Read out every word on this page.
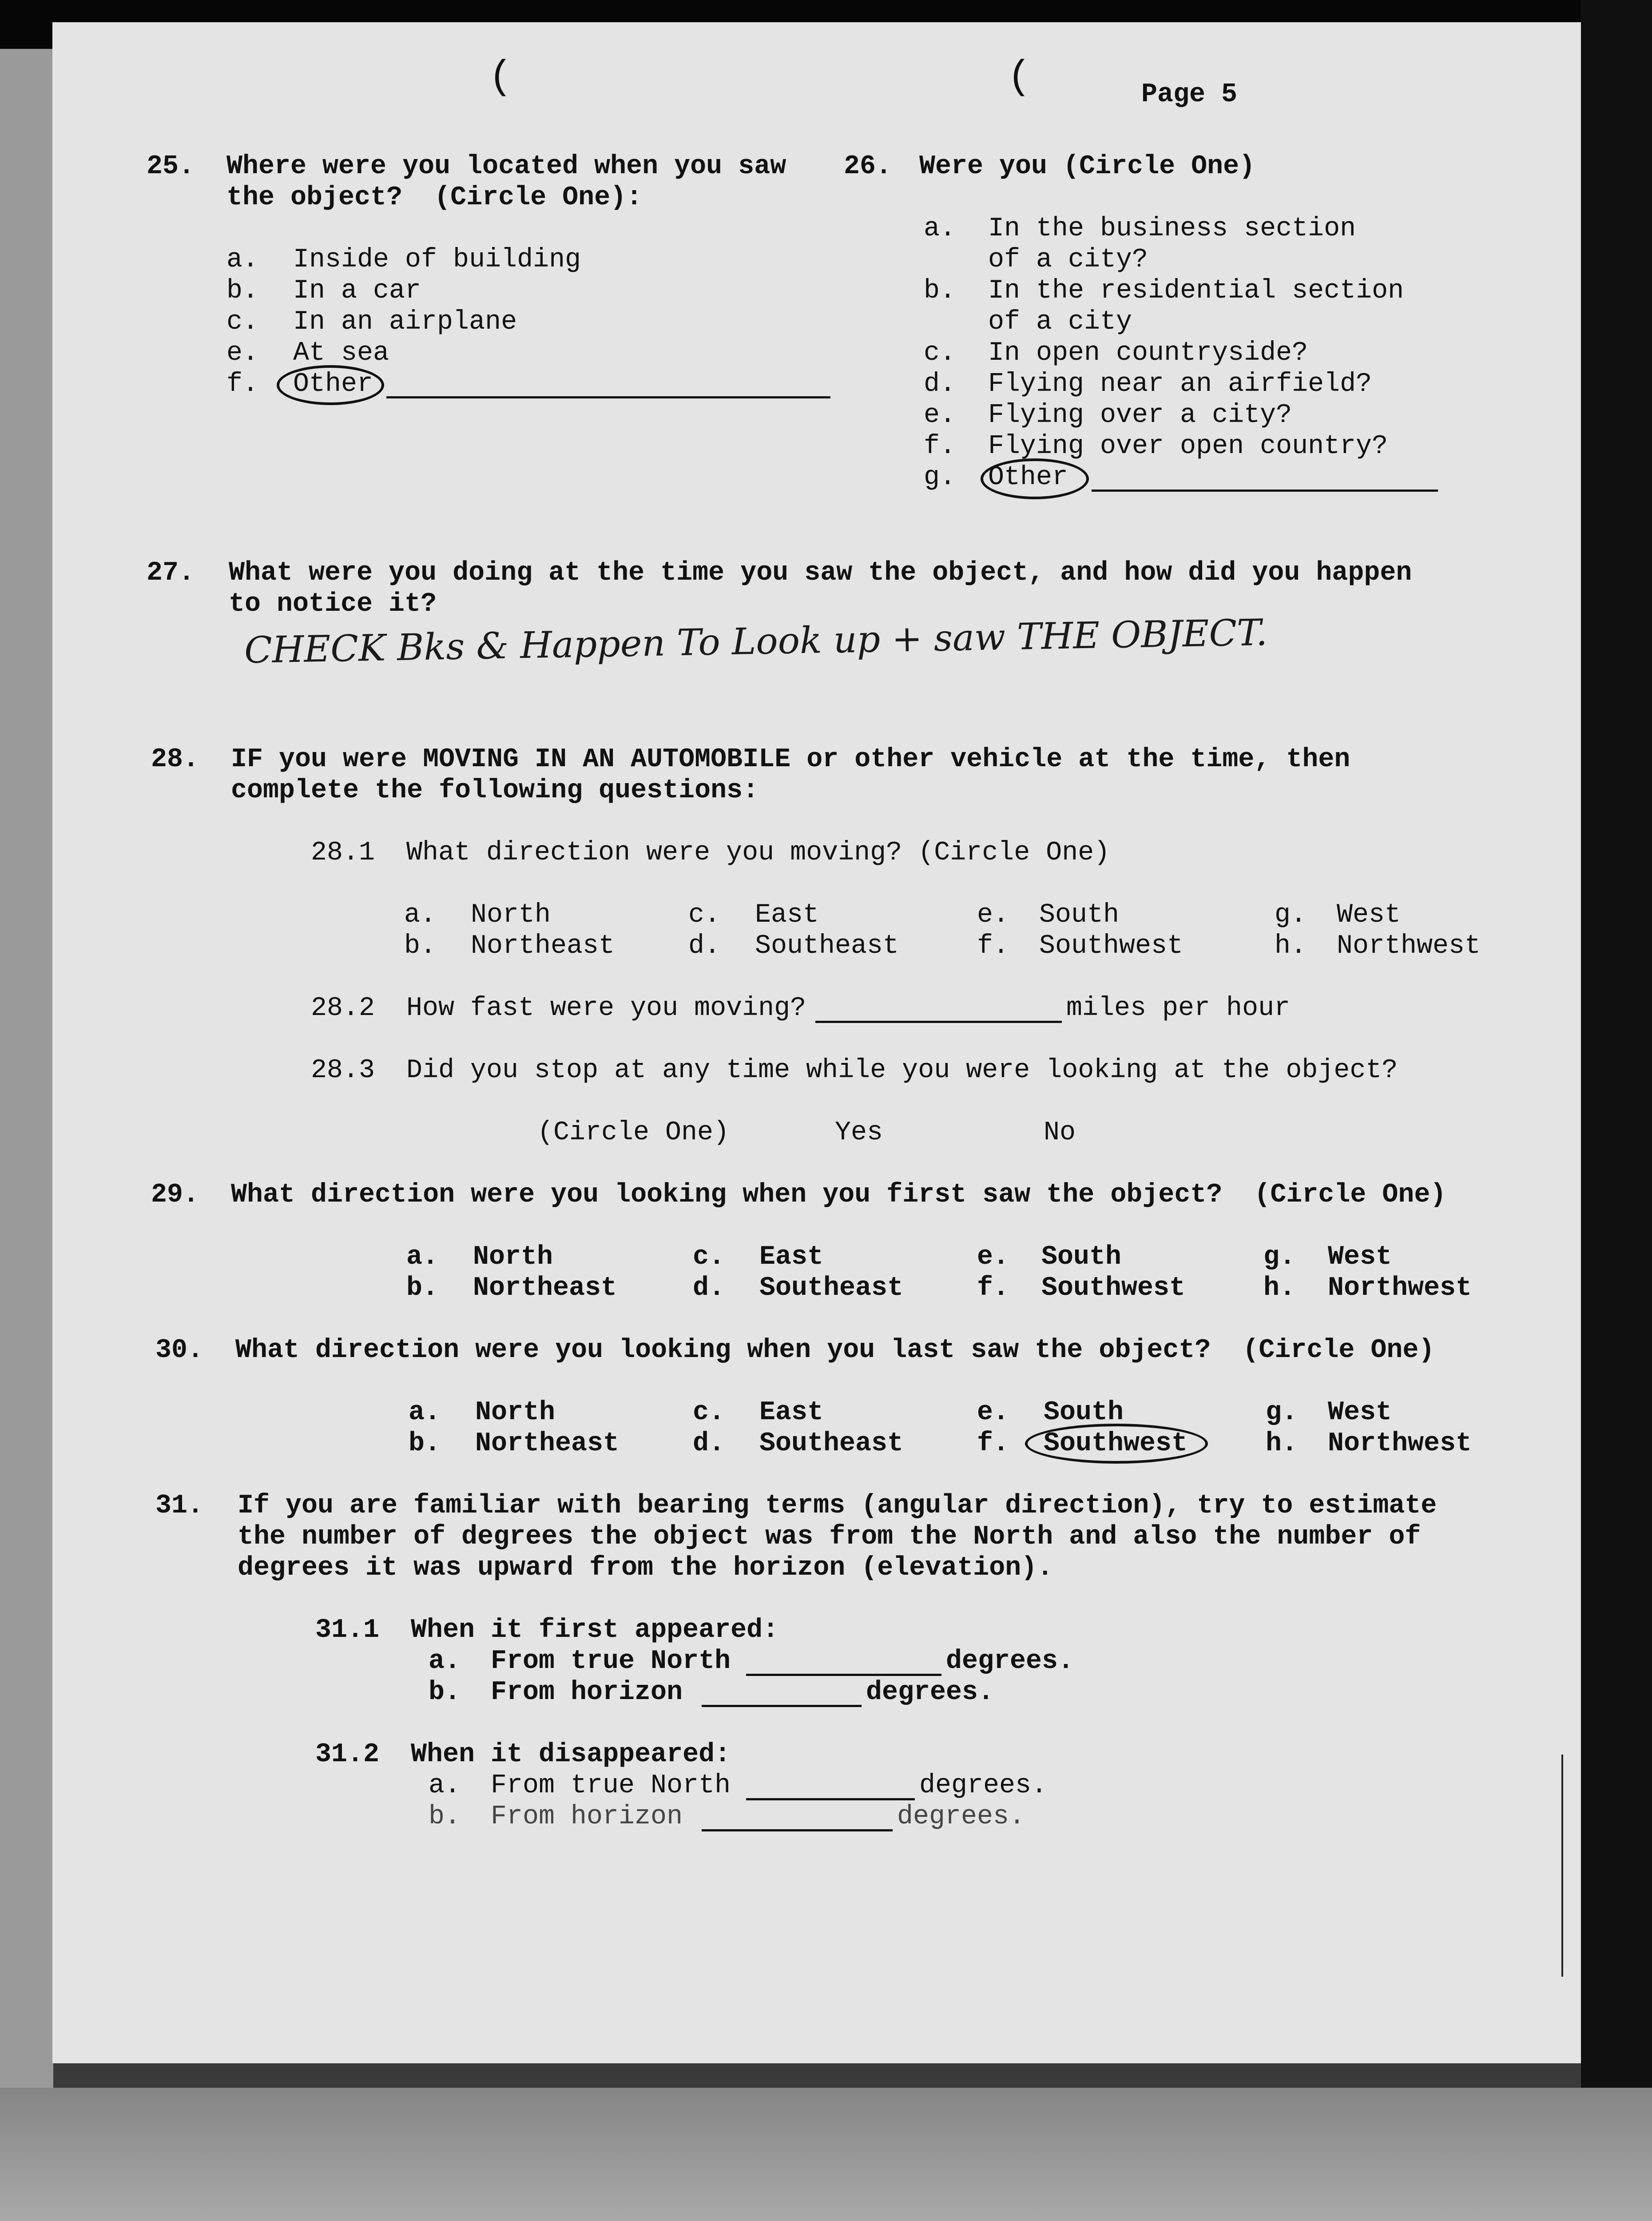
(	(	Page 5
25. Where were you located when you saw
the object?  (Circle One):
a. Inside of building
b. In a car
c. In an airplane
e. At sea
f. Other
26. Were you (Circle One)
a. In the business section
of a city?
b. In the residential section
of a city
c. In open countryside?
d. Flying near an airfield?
e. Flying over a city?
f. Flying over open country?
g. Other
27. What were you doing at the time you saw the object, and how did you happen
to notice it?
CHECK Bks & Happen To Look up + saw THE OBJECT.
28. IF you were MOVING IN AN AUTOMOBILE or other vehicle at the time, then
complete the following questions:
28.1 What direction were you moving? (Circle One)
a. North	c. East	e. South	g. West
b. Northeast	d. Southeast	f. Southwest	h. Northwest
28.2 How fast were you moving?	miles per hour
28.3 Did you stop at any time while you were looking at the object?
(Circle One)	Yes	No
29. What direction were you looking when you first saw the object?  (Circle One)
a. North	c. East	e. South	g. West
b. Northeast	d. Southeast	f. Southwest	h. Northwest
30. What direction were you looking when you last saw the object?  (Circle One)
a. North	c. East	e. South	g. West
b. Northeast	d. Southeast	f. Southwest	h. Northwest
31. If you are familiar with bearing terms (angular direction), try to estimate
the number of degrees the object was from the North and also the number of
degrees it was upward from the horizon (elevation).
31.1 When it first appeared:
a. From true North	degrees.
b. From horizon	degrees.
31.2 When it disappeared:
a. From true North	degrees.
b. From horizon	degrees.
